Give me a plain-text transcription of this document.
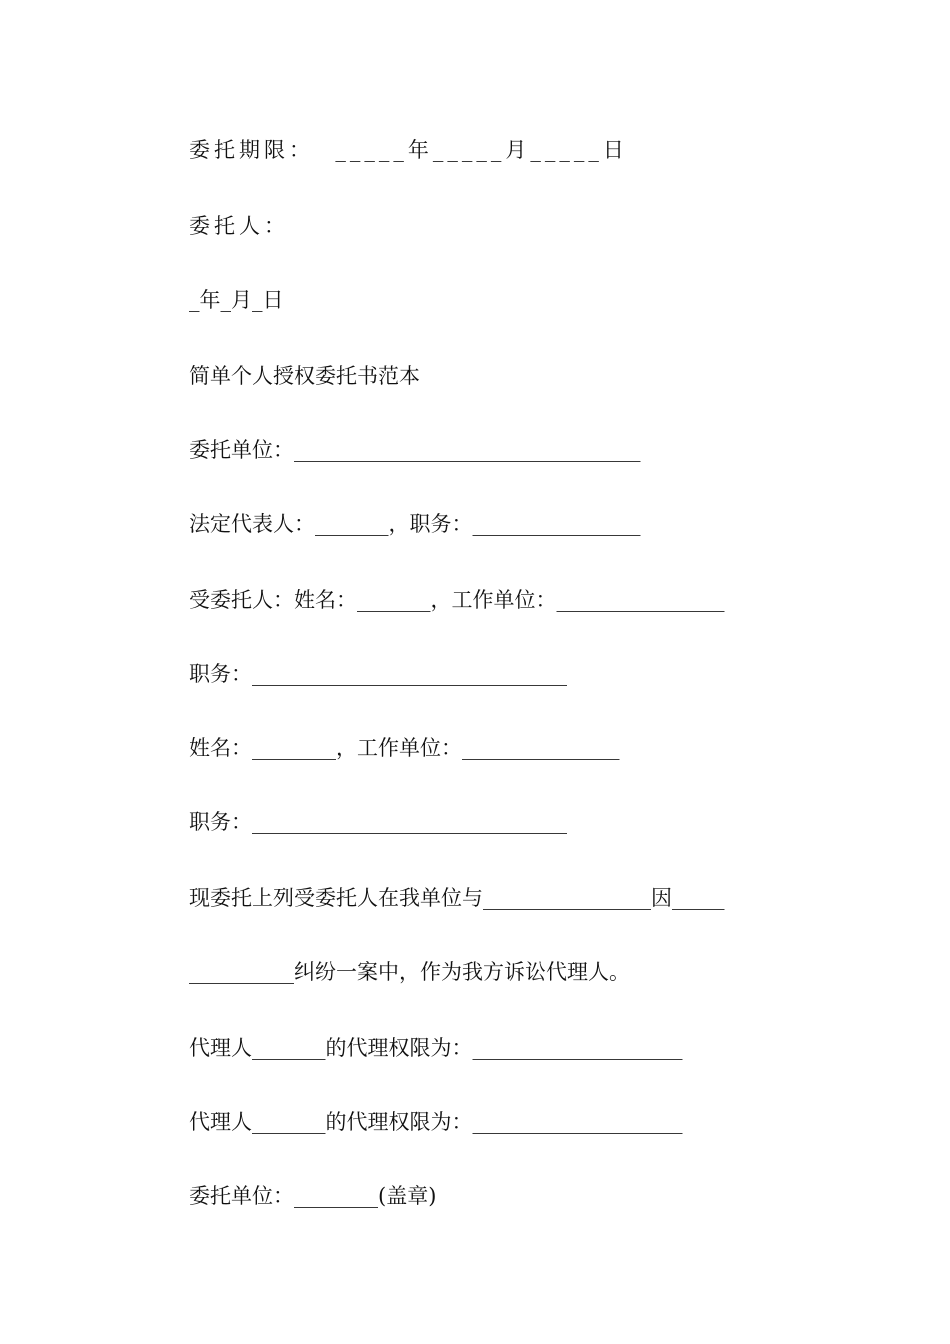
委托期限：  _____年_____月_____日
委托人：
_年_月_日
简单个人授权委托书范本
委托单位：_________________________________
法定代表人：_______，职务：________________
受委托人：姓名：_______，工作单位：________________
职务：______________________________
姓名：________，工作单位：_______________
职务：______________________________
现委托上列受委托人在我单位与________________因_____
__________纠纷一案中，作为我方诉讼代理人。
代理人_______的代理权限为：____________________
代理人_______的代理权限为：____________________
委托单位：________(盖章)
